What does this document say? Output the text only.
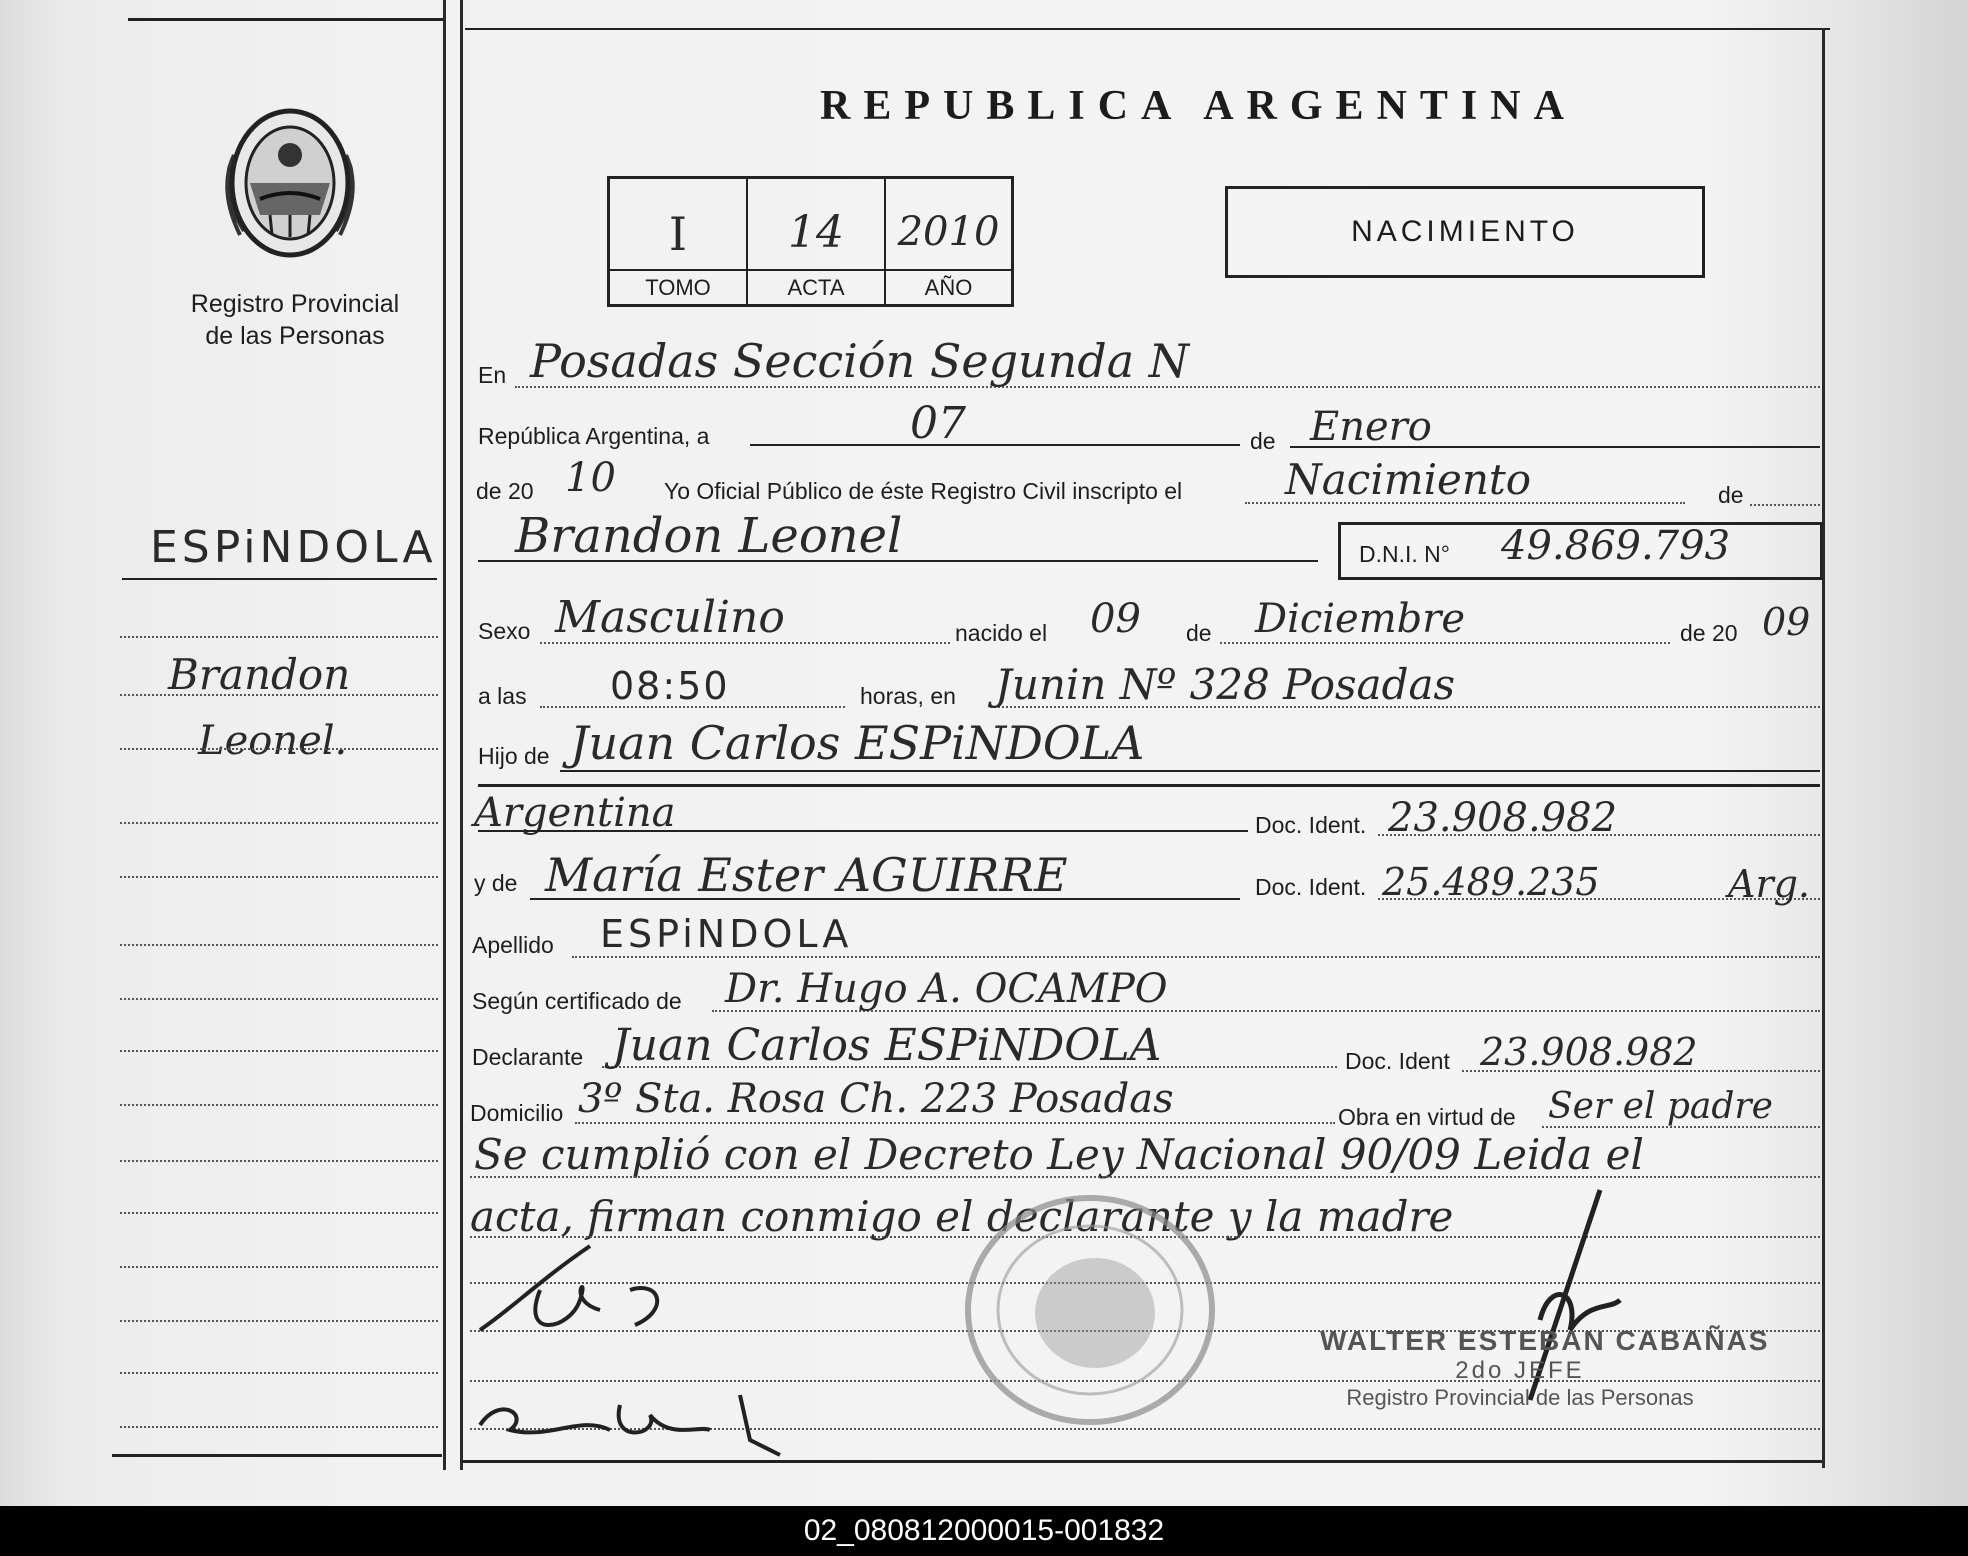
Registro Provincial
de las Personas
ESPiNDOLA
Brandon
Leonel.
REPUBLICA ARGENTINA
I	14	2010
TOMO	ACTA	AÑO
NACIMIENTO
En Posadas Sección Segunda N
República Argentina, a	07	de Enero
de 20 10 Yo Oficial Público de éste Registro Civil inscripto el Nacimiento	de
Brandon Leonel	D.N.I. N° 49.869.793
Sexo Masculino	nacido el 09 de Diciembre	de 20 09
a las 08:50	horas, en Junin Nº 328 Posadas
Hijo de Juan Carlos ESPiNDOLA
Argentina	Doc. Ident. 23.908.982
y de María Ester AGUIRRE	Doc. Ident. 25.489.235	Arg.
Apellido ESPiNDOLA
Según certificado de Dr. Hugo A. OCAMPO
Declarante Juan Carlos ESPiNDOLA	Doc. Ident 23.908.982
Domicilio 3º Sta. Rosa Ch. 223 Posadas	Obra en virtud de Ser el padre
Se cumplió con el Decreto Ley Nacional 90/09 Leida el
acta, firman conmigo el declarante y la madre
WALTER ESTEBAN CABAÑAS
2do JEFE
Registro Provincial de las Personas
02_080812000015-001832
